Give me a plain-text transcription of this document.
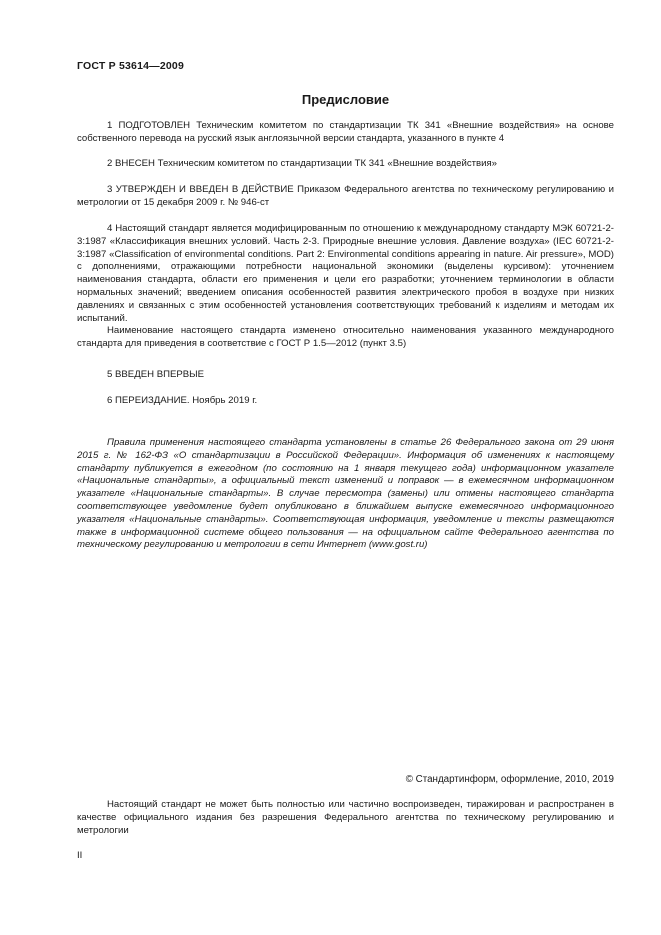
ГОСТ Р 53614—2009
Предисловие

1 ПОДГОТОВЛЕН Техническим комитетом по стандартизации ТК 341 «Внешние воздействия» на основе собственного перевода на русский язык англоязычной версии стандарта, указанного в пункте 4

2 ВНЕСЕН Техническим комитетом по стандартизации ТК 341 «Внешние воздействия»

3 УТВЕРЖДЕН И ВВЕДЕН В ДЕЙСТВИЕ Приказом Федерального агентства по техническому регулированию и метрологии от 15 декабря 2009 г. № 946-ст

4 Настоящий стандарт является модифицированным по отношению к международному стандарту МЭК 60721-2-3:1987 «Классификация внешних условий. Часть 2-3. Природные внешние условия. Давление воздуха» (IEC 60721-2-3:1987 «Classification of environmental conditions. Part 2: Environmental conditions appearing in nature. Air pressure», MOD) с дополнениями, отражающими потребности национальной экономики (выделены курсивом): уточнением наименования стандарта, области его применения и цели его разработки; уточнением терминологии в области нормальных значений; введением описания особенностей развития электрического пробоя в воздухе при низких давлениях и связанных с этим особенностей установления соответствующих требований к изделиям и методам их испытаний.

Наименование настоящего стандарта изменено относительно наименования указанного международного стандарта для приведения в соответствие с ГОСТ Р 1.5—2012 (пункт 3.5)

5 ВВЕДЕН ВПЕРВЫЕ

6 ПЕРЕИЗДАНИЕ. Ноябрь 2019 г.

Правила применения настоящего стандарта установлены в статье 26 Федерального закона от 29 июня 2015 г. № 162-ФЗ «О стандартизации в Российской Федерации». Информация об изменениях к настоящему стандарту публикуется в ежегодном (по состоянию на 1 января текущего года) информационном указателе «Национальные стандарты», а официальный текст изменений и поправок — в ежемесячном информационном указателе «Национальные стандарты». В случае пересмотра (замены) или отмены настоящего стандарта соответствующее уведомление будет опубликовано в ближайшем выпуске ежемесячного информационного указателя «Национальные стандарты». Соответствующая информация, уведомление и тексты размещаются также в информационной системе общего пользования — на официальном сайте Федерального агентства по техническому регулированию и метрологии в сети Интернет (www.gost.ru)

© Стандартинформ, оформление, 2010, 2019

Настоящий стандарт не может быть полностью или частично воспроизведен, тиражирован и распространен в качестве официального издания без разрешения Федерального агентства по техническому регулированию и метрологии

II
